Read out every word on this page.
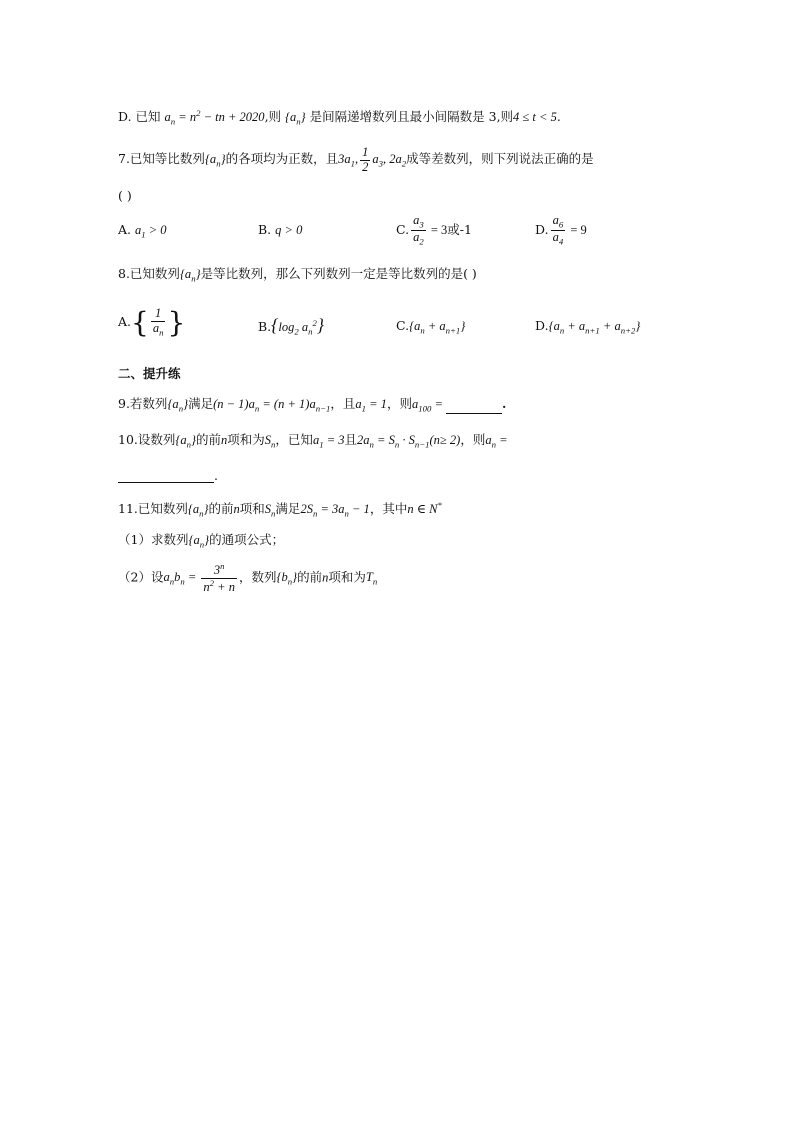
D. 已知 $a_n = n^2$ − tn + 2020,则 $\{a_n\}$ 是间隔递增数列且最小间隔数是 3,则4 ≤ t < 5.
7.已知等比数列$\{a_n\}$的各项均为正数，且$3a_1$, $\frac{1}{2} a_3$, $2a_2$成等差数列，则下列说法正确的是
( )
A. $a_1 > 0$	B. q > 0	C. $\frac{a_3}{a_2} = 3$或-1	D. $\frac{a_6}{a_4} = 9$
8.已知数列$\{a_n\}$是等比数列，那么下列数列一定是等比数列的是( )
$A.\{ \frac{1}{a_n}$ }	$B.\{\log_2$ $a_n^2$}	$C.\{a_n + a_{n+1}\}$	$D.\{a_n + a_{n+1} + a_{n+2}\}$
二、提升练
9.若数列$\{a_n\}$满足$(n - 1)a_n = (n + 1)a_{n-1}$，且$a_1 = 1$，则$a_{100}$ =	.
10.设数列$\{a_n\}$的前n项和为$S_n$，已知$a_1 = 3$且$2a_n = S_n \cdot S_{n-1}(n\ge 2)$，则$a_n$ =
.
11.已知数列$\{a_n\}$的前n项和$S_n$满足$2S_n = 3a_n - 1$，其中n ∈ N*
（1）求数列$\{a_n\}$的通项公式；
（2）设$a_nb_n = \frac{3^n}{n^2 + n}$ ，数列$\{b_n\}$的前n项和为$T_n$
